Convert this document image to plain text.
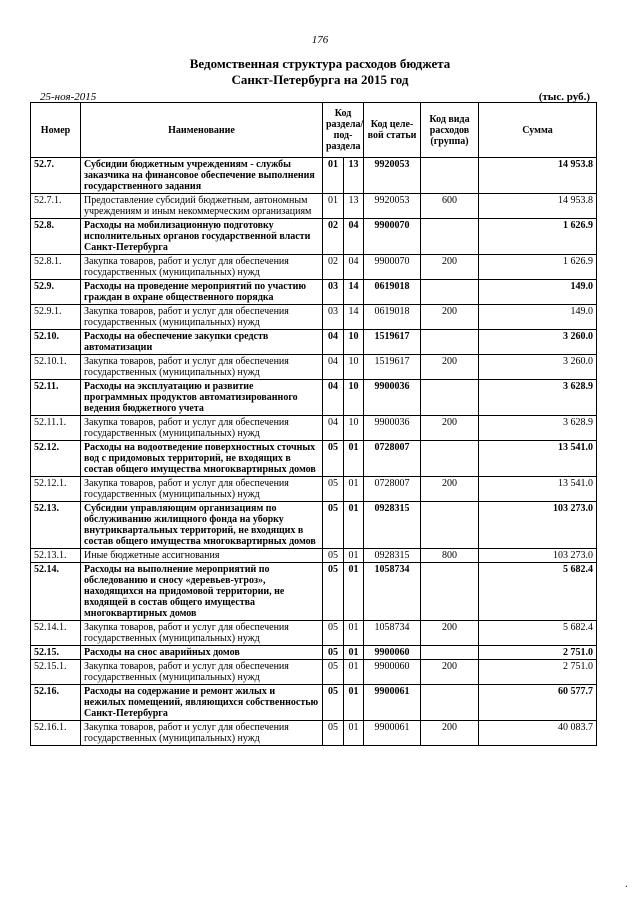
176
Ведомственная структура расходов бюджета
Санкт-Петербурга на 2015 год
25-ноя-2015	(тыс. руб.)
Номер	Наименование	Код раздела/ под- раздела		Код целе- вой статьи	Код вида расходов (группа)	Сумма
52.7.	Субсидии бюджетным учреждениям - службы заказчика на финансовое обеспечение выполнения государственного задания	01	13	9920053		14 953.8
52.7.1.	Предоставление субсидий бюджетным, автономным учреждениям и иным некоммерческим организациям	01	13	9920053	600	14 953.8
52.8.	Расходы на мобилизационную подготовку исполнительных органов государственной власти Санкт-Петербурга	02	04	9900070		1 626.9
52.8.1.	Закупка товаров, работ и услуг для обеспечения государственных (муниципальных) нужд	02	04	9900070	200	1 626.9
52.9.	Расходы на проведение мероприятий по участию граждан в охране общественного порядка	03	14	0619018		149.0
52.9.1.	Закупка товаров, работ и услуг для обеспечения государственных (муниципальных) нужд	03	14	0619018	200	149.0
52.10.	Расходы на обеспечение закупки средств автоматизации	04	10	1519617		3 260.0
52.10.1.	Закупка товаров, работ и услуг для обеспечения государственных (муниципальных) нужд	04	10	1519617	200	3 260.0
52.11.	Расходы на эксплуатацию и развитие программных продуктов автоматизированного ведения бюджетного учета	04	10	9900036		3 628.9
52.11.1.	Закупка товаров, работ и услуг для обеспечения государственных (муниципальных) нужд	04	10	9900036	200	3 628.9
52.12.	Расходы на водоотведение поверхностных сточных вод с придомовых территорий, не входящих в состав общего имущества многоквартирных домов	05	01	0728007		13 541.0
52.12.1.	Закупка товаров, работ и услуг для обеспечения государственных (муниципальных) нужд	05	01	0728007	200	13 541.0
52.13.	Субсидии управляющим организациям по обслуживанию жилищного фонда на уборку внутриквартальных территорий, не входящих в состав общего имущества многоквартирных домов	05	01	0928315		103 273.0
52.13.1.	Иные бюджетные ассигнования	05	01	0928315	800	103 273.0
52.14.	Расходы на выполнение мероприятий по обследованию и сносу «деревьев-угроз», находящихся на придомовой территории, не входящей в состав общего имущества многоквартирных домов	05	01	1058734		5 682.4
52.14.1.	Закупка товаров, работ и услуг для обеспечения государственных (муниципальных) нужд	05	01	1058734	200	5 682.4
52.15.	Расходы на снос аварийных домов	05	01	9900060		2 751.0
52.15.1.	Закупка товаров, работ и услуг для обеспечения государственных (муниципальных) нужд	05	01	9900060	200	2 751.0
52.16.	Расходы на содержание и ремонт жилых и нежилых помещений, являющихся собственностью Санкт-Петербурга	05	01	9900061		60 577.7
52.16.1.	Закупка товаров, работ и услуг для обеспечения государственных (муниципальных) нужд	05	01	9900061	200	40 083.7
·
